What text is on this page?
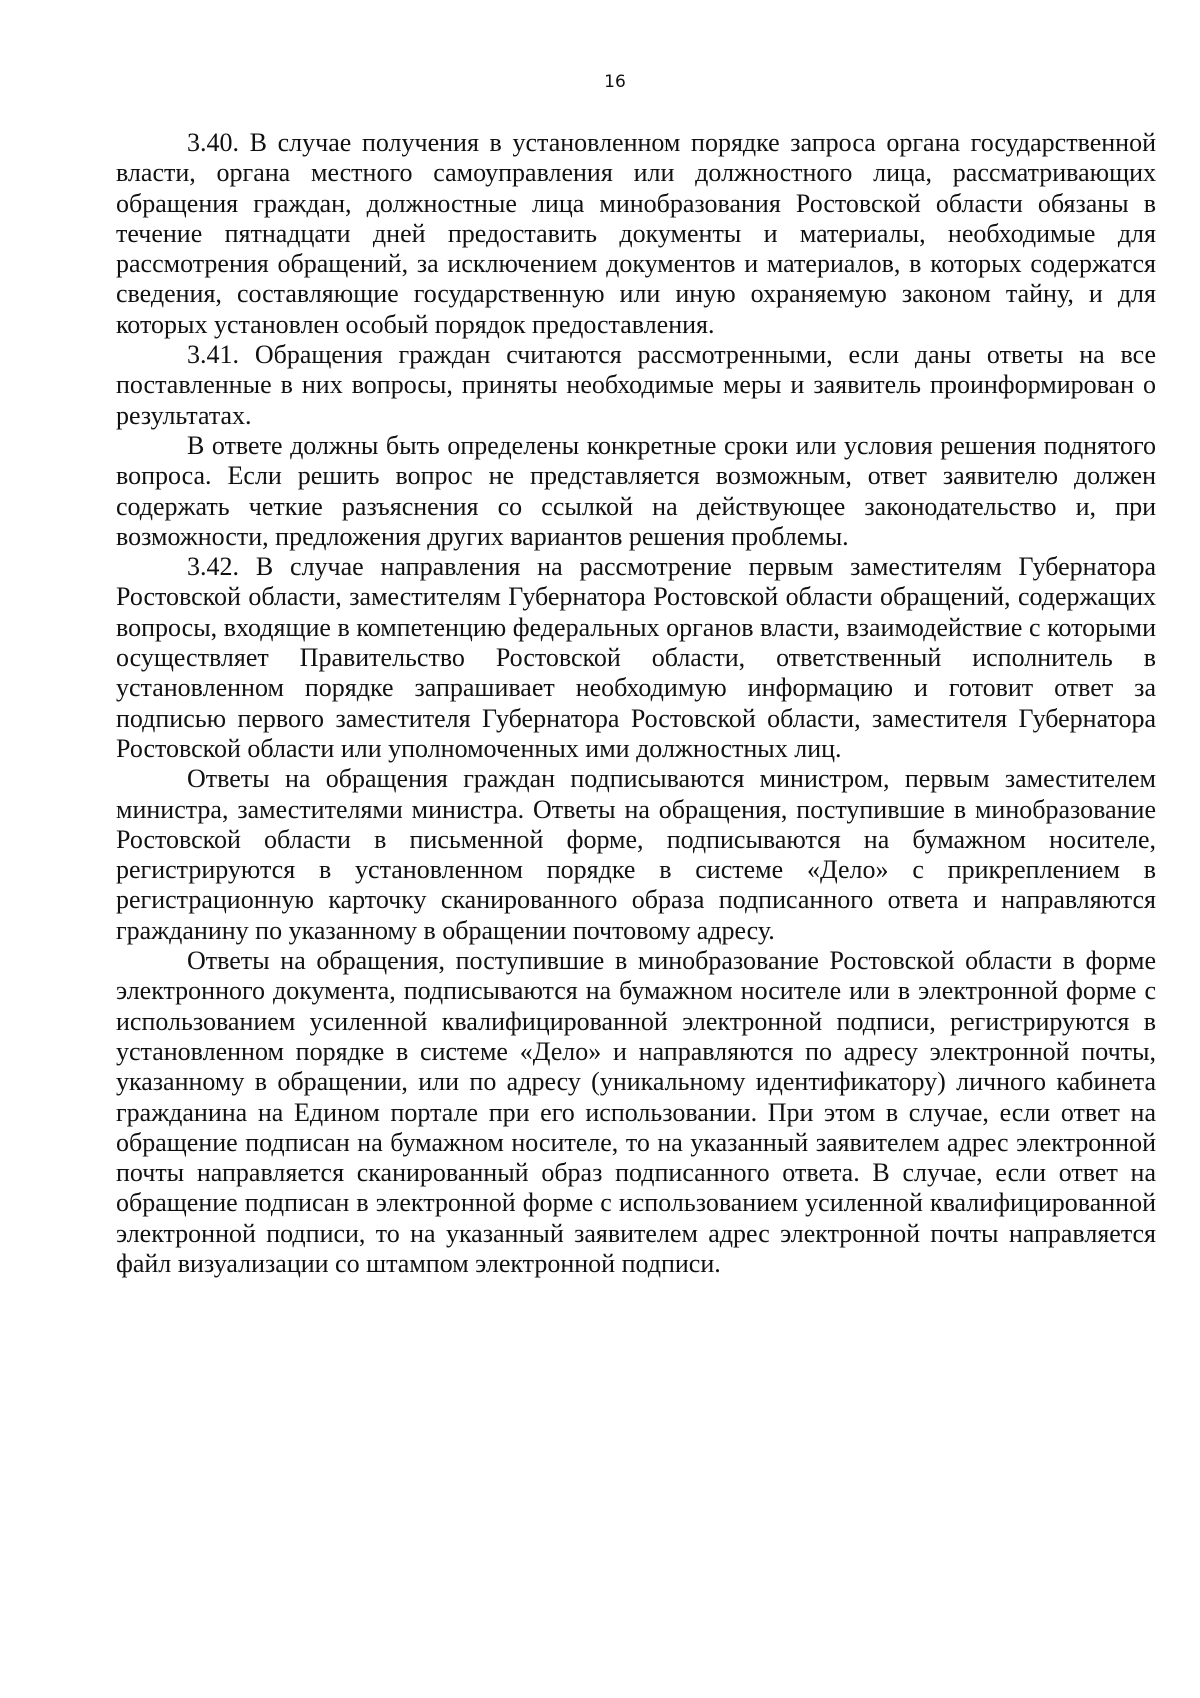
16

3.40. В случае получения в установленном порядке запроса органа государственной власти, органа местного самоуправления или должностного лица, рассматривающих обращения граждан, должностные лица минобразования Ростовской области обязаны в течение пятнадцати дней предоставить документы и материалы, необходимые для рассмотрения обращений, за исключением документов и материалов, в которых содержатся сведения, составляющие государственную или иную охраняемую законом тайну, и для которых установлен особый порядок предоставления.

3.41. Обращения граждан считаются рассмотренными, если даны ответы на все поставленные в них вопросы, приняты необходимые меры и заявитель проинформирован о результатах.

В ответе должны быть определены конкретные сроки или условия решения поднятого вопроса. Если решить вопрос не представляется возможным, ответ заявителю должен содержать четкие разъяснения со ссылкой на действующее законодательство и, при возможности, предложения других вариантов решения проблемы.

3.42. В случае направления на рассмотрение первым заместителям Губернатора Ростовской области, заместителям Губернатора Ростовской области обращений, содержащих вопросы, входящие в компетенцию федеральных органов власти, взаимодействие с которыми осуществляет Правительство Ростовской области, ответственный исполнитель в установленном порядке запрашивает необходимую информацию и готовит ответ за подписью первого заместителя Губернатора Ростовской области, заместителя Губернатора Ростовской области или уполномоченных ими должностных лиц.

Ответы на обращения граждан подписываются министром, первым заместителем министра, заместителями министра. Ответы на обращения, поступившие в минобразование Ростовской области в письменной форме, подписываются на бумажном носителе, регистрируются в установленном порядке в системе «Дело» с прикреплением в регистрационную карточку сканированного образа подписанного ответа и направляются гражданину по указанному в обращении почтовому адресу.

Ответы на обращения, поступившие в минобразование Ростовской области в форме электронного документа, подписываются на бумажном носителе или в электронной форме с использованием усиленной квалифицированной электронной подписи, регистрируются в установленном порядке в системе «Дело» и направляются по адресу электронной почты, указанному в обращении, или по адресу (уникальному идентификатору) личного кабинета гражданина на Едином портале при его использовании. При этом в случае, если ответ на обращение подписан на бумажном носителе, то на указанный заявителем адрес электронной почты направляется сканированный образ подписанного ответа. В случае, если ответ на обращение подписан в электронной форме с использованием усиленной квалифицированной электронной подписи, то на указанный заявителем адрес электронной почты направляется файл визуализации со штампом электронной подписи.
